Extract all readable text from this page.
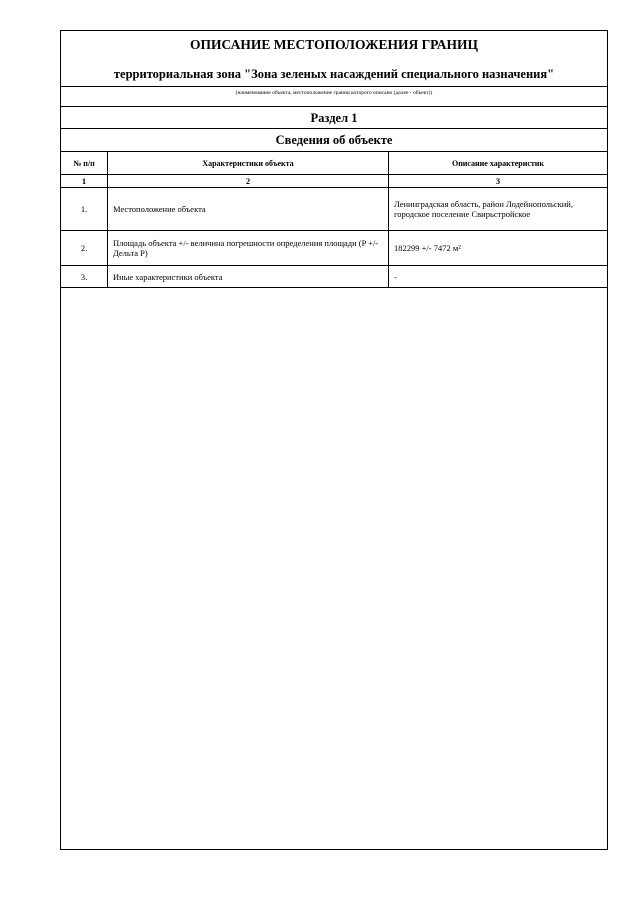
ОПИСАНИЕ МЕСТОПОЛОЖЕНИЯ ГРАНИЦ
территориальная зона "Зона зеленых насаждений специального назначения"
(наименование объекта, местоположение границ которого описано (далее - объект))
Раздел 1
Сведения об объекте
№ п/п	Характеристики объекта	Описание характеристик
1	2	3
1.	Местоположение объекта	Ленинградская область, район Лодейнопольский, городское поселение Свирьстройское
2.	Площадь объекта +/- величина погрешности определения площади (P +/- Дельта P)	182299 +/- 7472 м²
3.	Иные характеристики объекта	-
